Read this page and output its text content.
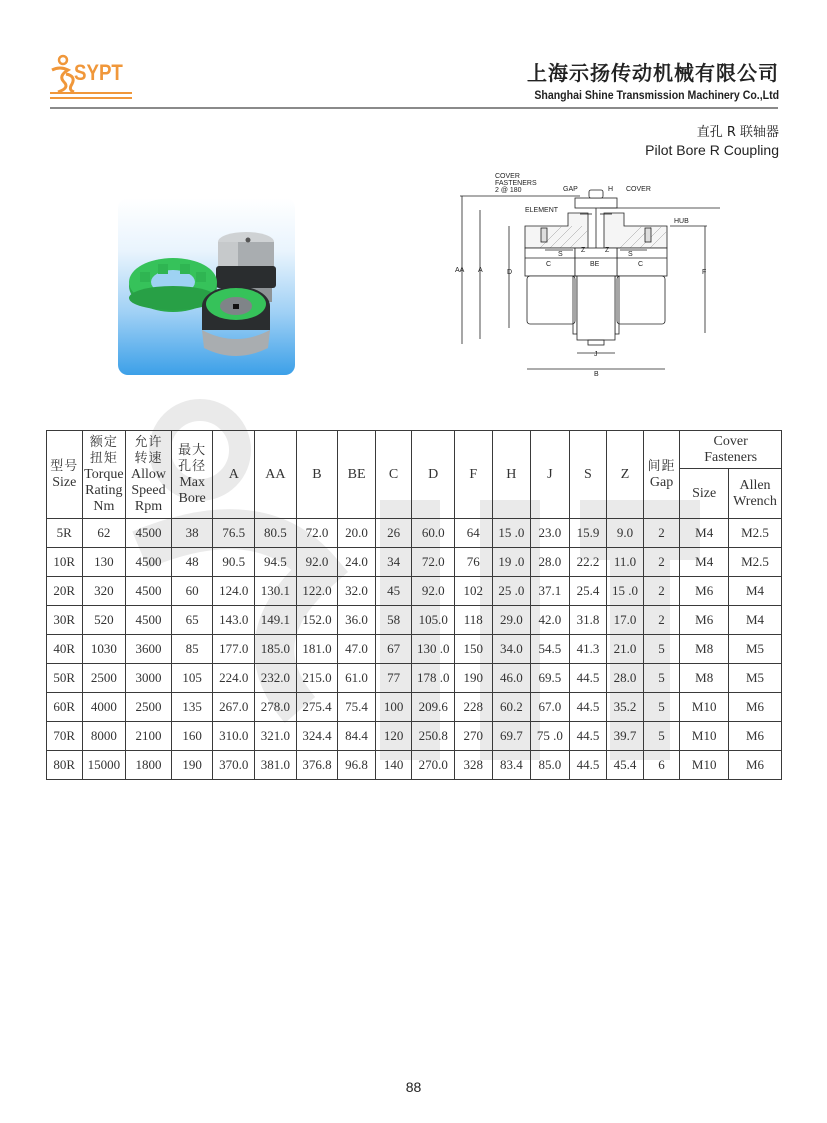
SYPT	上海示扬传动机械有限公司
Shanghai Shine Transmission Machinery Co.,Ltd
直孔 R 联轴器
Pilot Bore R Coupling
COVER
FASTENERS
2 @ 180	GAP	H COVER
ELEMENT
HUB
Z	Z
S	S
C	BE	C
AA A	D	F
J
B
型号
Size

额定
扭矩
Torque
Rating
Nm

允许
转速
Allow
Speed
Rpm

最大
孔径
Max
Bore
	A	AA	B	BE	C	D	F	H	J	S	Z	
间距
Gap

Cover
Fasteners

																Size	Allen
Wrench

5R	62	4500	38	76.5	80.5	72.0	20.0	26	60.0	64	15 .0	23.0	15.9	9.0	2	M4	M2.5
10R	130	4500	48	90.5	94.5	92.0	24.0	34	72.0	76	19 .0	28.0	22.2	11.0	2	M4	M2.5
20R	320	4500	60	124.0	130.1	122.0	32.0	45	92.0	102	25 .0	37.1	25.4	15 .0	2	M6	M4
30R	520	4500	65	143.0	149.1	152.0	36.0	58	105.0	118	29.0	42.0	31.8	17.0	2	M6	M4
40R	1030	3600	85	177.0	185.0	181.0	47.0	67	130 .0	150	34.0	54.5	41.3	21.0	5	M8	M5
50R	2500	3000	105	224.0	232.0	215.0	61.0	77	178 .0	190	46.0	69.5	44.5	28.0	5	M8	M5
60R	4000	2500	135	267.0	278.0	275.4	75.4	100	209.6	228	60.2	67.0	44.5	35.2	5	M10	M6
70R	8000	2100	160	310.0	321.0	324.4	84.4	120	250.8	270	69.7	75 .0	44.5	39.7	5	M10	M6
80R	15000	1800	190	370.0	381.0	376.8	96.8	140	270.0	328	83.4	85.0	44.5	45.4	6	M10	M6
88
